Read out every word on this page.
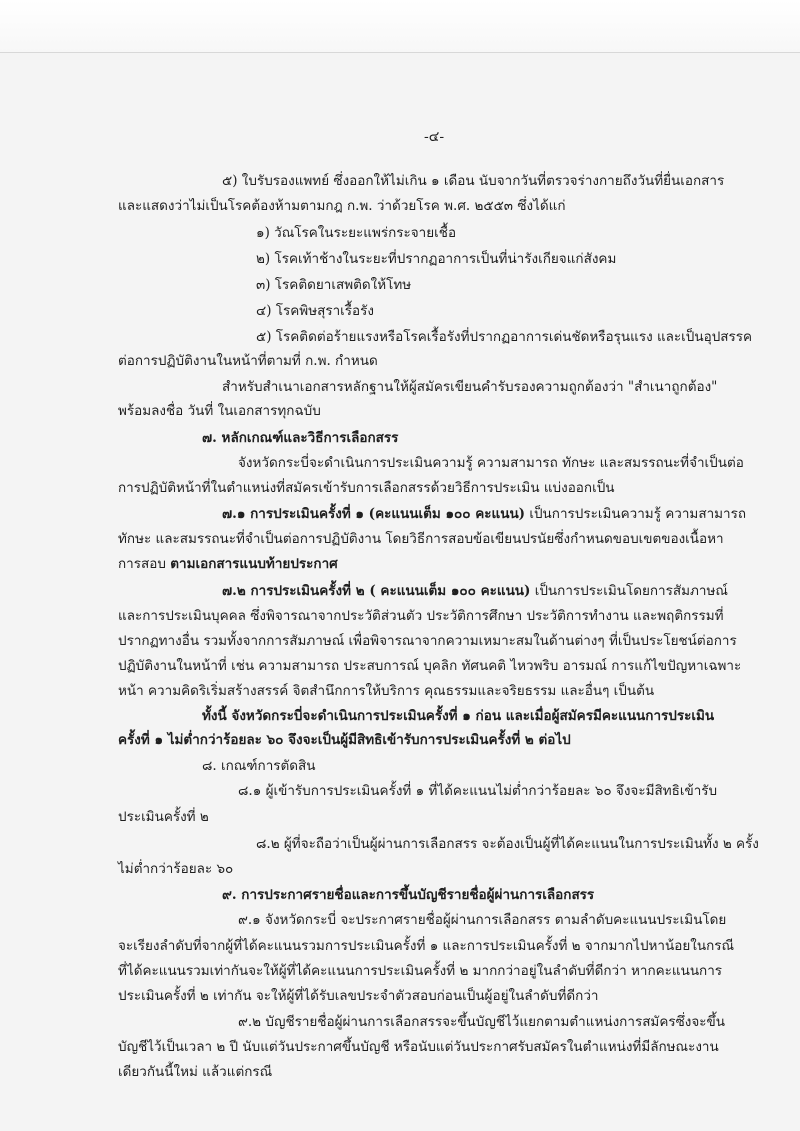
-๔-
๕) ใบรับรองแพทย์ ซึ่งออกให้ไม่เกิน ๑ เดือน นับจากวันที่ตรวจร่างกายถึงวันที่ยื่นเอกสาร
และแสดงว่าไม่เป็นโรคต้องห้ามตามกฎ ก.พ. ว่าด้วยโรค พ.ศ. ๒๕๕๓ ซึ่งได้แก่
๑) วัณโรคในระยะแพร่กระจายเชื้อ
๒) โรคเท้าช้างในระยะที่ปรากฏอาการเป็นที่น่ารังเกียจแก่สังคม
๓) โรคติดยาเสพติดให้โทษ
๔) โรคพิษสุราเรื้อรัง
๕) โรคติดต่อร้ายแรงหรือโรคเรื้อรังที่ปรากฏอาการเด่นชัดหรือรุนแรง และเป็นอุปสรรค
ต่อการปฏิบัติงานในหน้าที่ตามที่ ก.พ. กำหนด
สำหรับสำเนาเอกสารหลักฐานให้ผู้สมัครเขียนคำรับรองความถูกต้องว่า "สำเนาถูกต้อง"
พร้อมลงชื่อ วันที่ ในเอกสารทุกฉบับ
๗. หลักเกณฑ์และวิธีการเลือกสรร
จังหวัดกระบี่จะดำเนินการประเมินความรู้ ความสามารถ ทักษะ และสมรรถนะที่จำเป็นต่อ
การปฏิบัติหน้าที่ในตำแหน่งที่สมัครเข้ารับการเลือกสรรด้วยวิธีการประเมิน แบ่งออกเป็น
๗.๑ การประเมินครั้งที่ ๑ (คะแนนเต็ม ๑๐๐ คะแนน) เป็นการประเมินความรู้ ความสามารถ
ทักษะ และสมรรถนะที่จำเป็นต่อการปฏิบัติงาน โดยวิธีการสอบข้อเขียนปรนัยซึ่งกำหนดขอบเขตของเนื้อหา
การสอบ ตามเอกสารแนบท้ายประกาศ
๗.๒ การประเมินครั้งที่ ๒ ( คะแนนเต็ม ๑๐๐ คะแนน) เป็นการประเมินโดยการสัมภาษณ์
และการประเมินบุคคล ซึ่งพิจารณาจากประวัติส่วนตัว ประวัติการศึกษา ประวัติการทำงาน และพฤติกรรมที่
ปรากฏทางอื่น รวมทั้งจากการสัมภาษณ์ เพื่อพิจารณาจากความเหมาะสมในด้านต่างๆ ที่เป็นประโยชน์ต่อการ
ปฏิบัติงานในหน้าที่ เช่น ความสามารถ ประสบการณ์ บุคลิก ทัศนคติ ไหวพริบ อารมณ์ การแก้ไขปัญหาเฉพาะ
หน้า ความคิดริเริ่มสร้างสรรค์ จิตสำนึกการให้บริการ คุณธรรมและจริยธรรม และอื่นๆ เป็นต้น
ทั้งนี้ จังหวัดกระบี่จะดำเนินการประเมินครั้งที่ ๑ ก่อน และเมื่อผู้สมัครมีคะแนนการประเมิน
ครั้งที่ ๑ ไม่ต่ำกว่าร้อยละ ๖๐ จึงจะเป็นผู้มีสิทธิเข้ารับการประเมินครั้งที่ ๒ ต่อไป
๘. เกณฑ์การตัดสิน
๘.๑ ผู้เข้ารับการประเมินครั้งที่ ๑ ที่ได้คะแนนไม่ต่ำกว่าร้อยละ ๖๐ จึงจะมีสิทธิเข้ารับ
ประเมินครั้งที่ ๒
๘.๒ ผู้ที่จะถือว่าเป็นผู้ผ่านการเลือกสรร จะต้องเป็นผู้ที่ได้คะแนนในการประเมินทั้ง ๒ ครั้ง
ไม่ต่ำกว่าร้อยละ ๖๐
๙. การประกาศรายชื่อและการขึ้นบัญชีรายชื่อผู้ผ่านการเลือกสรร
๙.๑ จังหวัดกระบี่ จะประกาศรายชื่อผู้ผ่านการเลือกสรร ตามลำดับคะแนนประเมินโดย
จะเรียงลำดับที่จากผู้ที่ได้คะแนนรวมการประเมินครั้งที่ ๑ และการประเมินครั้งที่ ๒ จากมากไปหาน้อยในกรณี
ที่ได้คะแนนรวมเท่ากันจะให้ผู้ที่ได้คะแนนการประเมินครั้งที่ ๒ มากกว่าอยู่ในลำดับที่ดีกว่า หากคะแนนการ
ประเมินครั้งที่ ๒ เท่ากัน จะให้ผู้ที่ได้รับเลขประจำตัวสอบก่อนเป็นผู้อยู่ในลำดับที่ดีกว่า
๙.๒ บัญชีรายชื่อผู้ผ่านการเลือกสรรจะขึ้นบัญชีไว้แยกตามตำแหน่งการสมัครซึ่งจะขึ้น
บัญชีไว้เป็นเวลา ๒ ปี นับแต่วันประกาศขึ้นบัญชี หรือนับแต่วันประกาศรับสมัครในตำแหน่งที่มีลักษณะงาน
เดียวกันนี้ใหม่ แล้วแต่กรณี
